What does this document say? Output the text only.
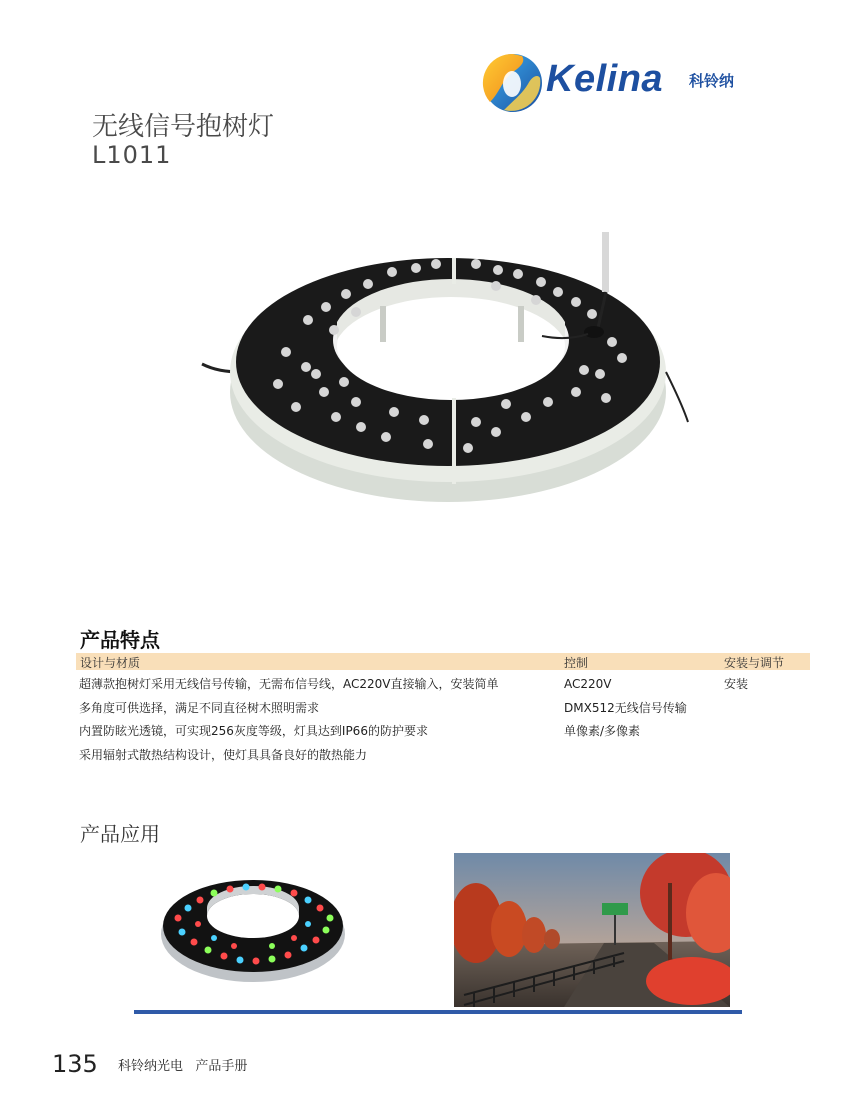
Kelina 科铃纳
无线信号抱树灯
L1011
产品特点
设计与材质	控制	安装与调节
超薄款抱树灯采用无线信号传输，无需布信号线，AC220V直接输入，安装简单
多角度可供选择，满足不同直径树木照明需求
内置防眩光透镜，可实现256灰度等级，灯具达到IP66的防护要求
采用辐射式散热结构设计，使灯具具备良好的散热能力
AC220V
DMX512无线信号传输
单像素/多像素
安装
产品应用
135 科铃纳光电   产品手册
